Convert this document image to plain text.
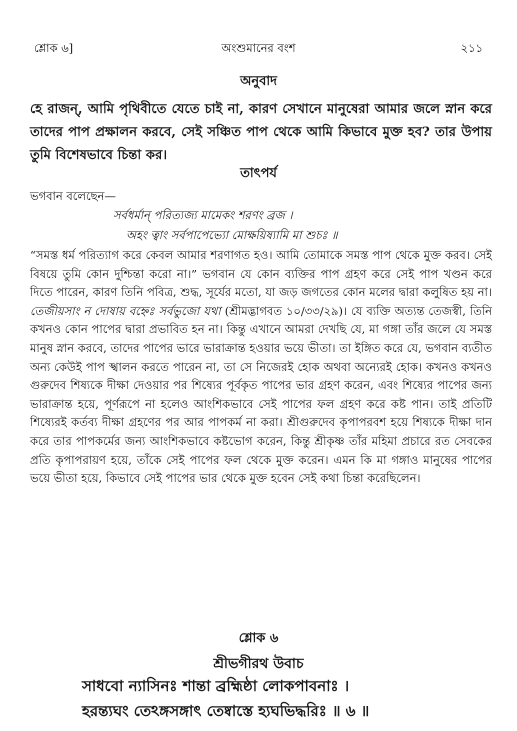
শ্লোক ৬]	অংশুমানের বংশ	২১১
অনুবাদ
হে রাজন্‌, আমি পৃথিবীতে যেতে চাই না, কারণ সেখানে মানুষেরা আমার জলে স্নান করে তাদের পাপ প্রক্ষালন করবে, সেই সঞ্চিত পাপ থেকে আমি কিভাবে মুক্ত হব? তার উপায় তুমি বিশেষভাবে চিন্তা কর।
তাৎপর্য
ভগবান বলেছেন—
সর্বধর্মান্‌ পরিত্যজ্য মামেকং শরণং ব্রজ ।
অহং ত্বাং সর্বপাপেভ্যো মোক্ষয়িষ্যামি মা শুচঃ ॥
“সমস্ত ধর্ম পরিত্যাগ করে কেবল আমার শরণাগত হও। আমি তোমাকে সমস্ত পাপ থেকে মুক্ত করব। সেই বিষয়ে তুমি কোন দুশ্চিন্তা করো না।” ভগবান যে কোন ব্যক্তির পাপ গ্রহণ করে সেই পাপ খণ্ডন করে দিতে পারেন, কারণ তিনি পবিত্র, শুদ্ধ, সূর্যের মতো, যা জড় জগতের কোন মলের দ্বারা কলুষিত হয় না। তেজীয়সাং ন দোষায় বহ্নেঃ সর্বভুজো যথা (শ্রীমদ্ভাগবত ১০/৩৩/২৯)। যে ব্যক্তি অত্যন্ত তেজস্বী, তিনি কখনও কোন পাপের দ্বারা প্রভাবিত হন না। কিন্তু এখানে আমরা দেখছি যে, মা গঙ্গা তাঁর জলে যে সমস্ত মানুষ স্নান করবে, তাদের পাপের ভারে ভারাক্রান্ত হওয়ার ভয়ে ভীতা। তা ইঙ্গিত করে যে, ভগবান ব্যতীত অন্য কেউই পাপ স্খালন করতে পারেন না, তা সে নিজেরই হোক অথবা অন্যেরই হোক। কখনও কখনও গুরুদেব শিষ্যকে দীক্ষা দেওয়ার পর শিষ্যের পূর্বকৃত পাপের ভার গ্রহণ করেন, এবং শিষ্যের পাপের জন্য ভারাক্রান্ত হয়ে, পূর্ণরূপে না হলেও আংশিকভাবে সেই পাপের ফল গ্রহণ করে কষ্ট পান। তাই প্রতিটি শিষ্যেরই কর্তব্য দীক্ষা গ্রহণের পর আর পাপকর্ম না করা। শ্রীগুরুদেব কৃপাপরবশ হয়ে শিষ্যকে দীক্ষা দান করে তার পাপকর্মের জন্য আংশিকভাবে কষ্টভোগ করেন, কিন্তু শ্রীকৃষ্ণ তাঁর মহিমা প্রচারে রত সেবকের প্রতি কৃপাপরায়ণ হয়ে, তাঁকে সেই পাপের ফল থেকে মুক্ত করেন। এমন কি মা গঙ্গাও মানুষের পাপের ভয়ে ভীতা হয়ে, কিভাবে সেই পাপের ভার থেকে মুক্ত হবেন সেই কথা চিন্তা করেছিলেন।
শ্লোক ৬
শ্রীভগীরথ উবাচ
সাধবো ন্যাসিনঃ শান্তা ব্রহ্মিষ্ঠা লোকপাবনাঃ ।
হরন্ত্যঘং তেঽঙ্গসঙ্গাৎ তেষ্বাস্তে হ্যঘভিদ্ধরিঃ ॥ ৬ ॥
